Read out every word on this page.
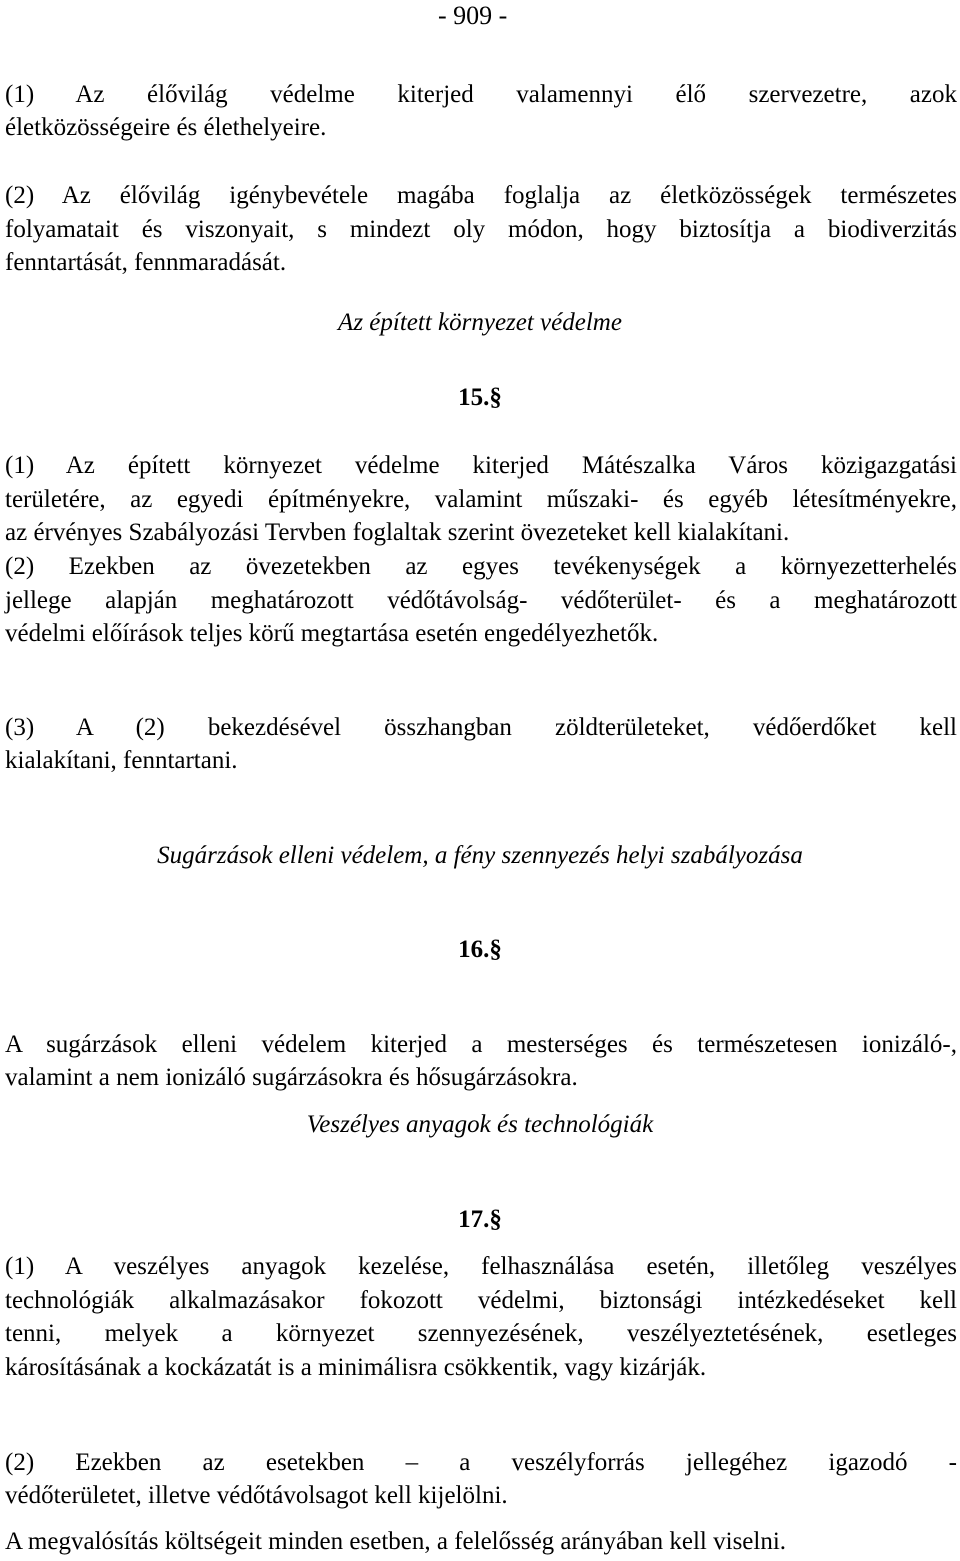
- 909 -

(1) Az élővilág védelme kiterjed valamennyi élő szervezetre, azok

életközösségeire és élethelyeire.

(2) Az élővilág igénybevétele magába foglalja az életközösségek természetes

folyamatait és viszonyait, s mindezt oly módon, hogy biztosítja a biodiverzitás

fenntartását, fennmaradását.

Az épített környezet védelme
15.§

(1) Az épített környezet védelme kiterjed Mátészalka Város közigazgatási

területére, az egyedi építményekre, valamint műszaki- és egyéb létesítményekre,

az érvényes Szabályozási Tervben foglaltak szerint övezeteket kell kialakítani.

(2) Ezekben az övezetekben az egyes tevékenységek a környezetterhelés

jellege alapján meghatározott védőtávolság- védőterület- és a meghatározott

védelmi előírások teljes körű megtartása esetén engedélyezhetők.

(3) A (2) bekezdésével összhangban zöldterületeket, védőerdőket kell

kialakítani, fenntartani.

Sugárzások elleni védelem, a fény szennyezés helyi szabályozása
16.§

A sugárzások elleni védelem kiterjed a mesterséges és természetesen ionizáló-,

valamint a nem ionizáló sugárzásokra és hősugárzásokra.

Veszélyes anyagok és technológiák
17.§

(1) A veszélyes anyagok kezelése, felhasználása esetén, illetőleg veszélyes

technológiák alkalmazásakor fokozott védelmi, biztonsági intézkedéseket kell

tenni, melyek a környezet szennyezésének, veszélyeztetésének, esetleges

károsításának a kockázatát is a minimálisra csökkentik, vagy kizárják.

(2) Ezekben az esetekben – a veszélyforrás jellegéhez igazodó -

védőterületet, illetve védőtávolsagot kell kijelölni.

A megvalósítás költségeit minden esetben, a felelősség arányában kell viselni.
